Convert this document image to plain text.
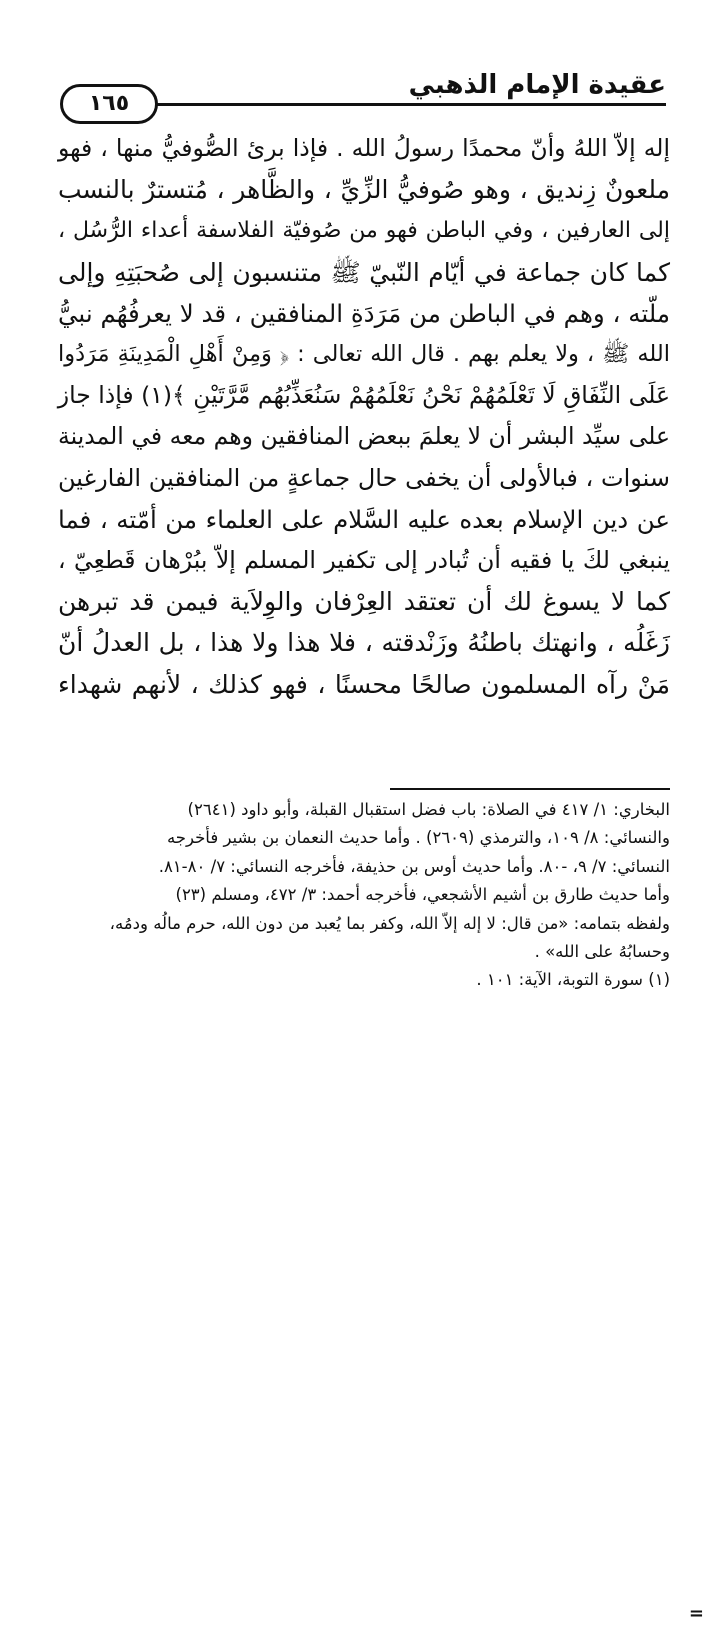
عقيدة الإمام الذهبي
١٦٥
إله إلاّ اللهُ وأنّ محمدًا رسولُ الله . فإذا برئ الصُّوفيُّ منها ، فهو
ملعونٌ زِنديق ، وهو صُوفيُّ الزِّيِّ ، والظَّاهر ، مُتسترٌ بالنسب
إلى العارفين ، وفي الباطن فهو من صُوفيّة الفلاسفة أعداء الرُّسُل ،
كما كان جماعة في أيّام النّبيّ ﷺ متنسبون إلى صُحبَتِهِ وإلى
ملّته ، وهم في الباطن من مَرَدَةِ المنافقين ، قد لا يعرفُهُم نبيُّ
الله ﷺ ، ولا يعلم بهم . قال الله تعالى : ﴿ وَمِنْ أَهْلِ الْمَدِينَةِ مَرَدُوا
عَلَى النِّفَاقِ لَا تَعْلَمُهُمْ نَحْنُ نَعْلَمُهُمْ سَنُعَذِّبُهُم مَّرَّتَيْنِ ﴾(١) فإذا جاز
على سيِّد البشر أن لا يعلمَ ببعض المنافقين وهم معه في المدينة
سنوات ، فبالأولى أن يخفى حال جماعةٍ من المنافقين الفارغين
عن دين الإسلام بعده عليه السَّلام على العلماء من أمّته ، فما
ينبغي لكَ يا فقيه أن تُبادر إلى تكفير المسلم إلاّ ببُرْهان قَطعِيّ ،
كما لا يسوغ لك أن تعتقد العِرْفان والوِلاَية فيمن قد تبرهن
زَغَلُه ، وانهتك باطنُهُ وزَنْدقته ، فلا هذا ولا هذا ، بل العدلُ أنّ
مَنْ رآه المسلمون صالحًا محسنًا ، فهو كذلك ، لأنهم شهداء
=
البخاري: ١/ ٤١٧ في الصلاة: باب فضل استقبال القبلة، وأبو داود (٢٦٤١)
والنسائي: ٨/ ١٠٩، والترمذي (٢٦٠٩) . وأما حديث النعمان بن بشير فأخرجه
النسائي: ٧/ ٩، -٨٠. وأما حديث أوس بن حذيفة، فأخرجه النسائي: ٧/ ٨٠-٨١.
وأما حديث طارق بن أشيم الأشجعي، فأخرجه أحمد: ٣/ ٤٧٢، ومسلم (٢٣)
ولفظه بتمامه: «من قال: لا إله إلاّ الله، وكفر بما يُعبد من دون الله، حرم مالُه ودمُه،
وحسابُهُ على الله» .
(١) سورة التوبة، الآية: ١٠١ .
